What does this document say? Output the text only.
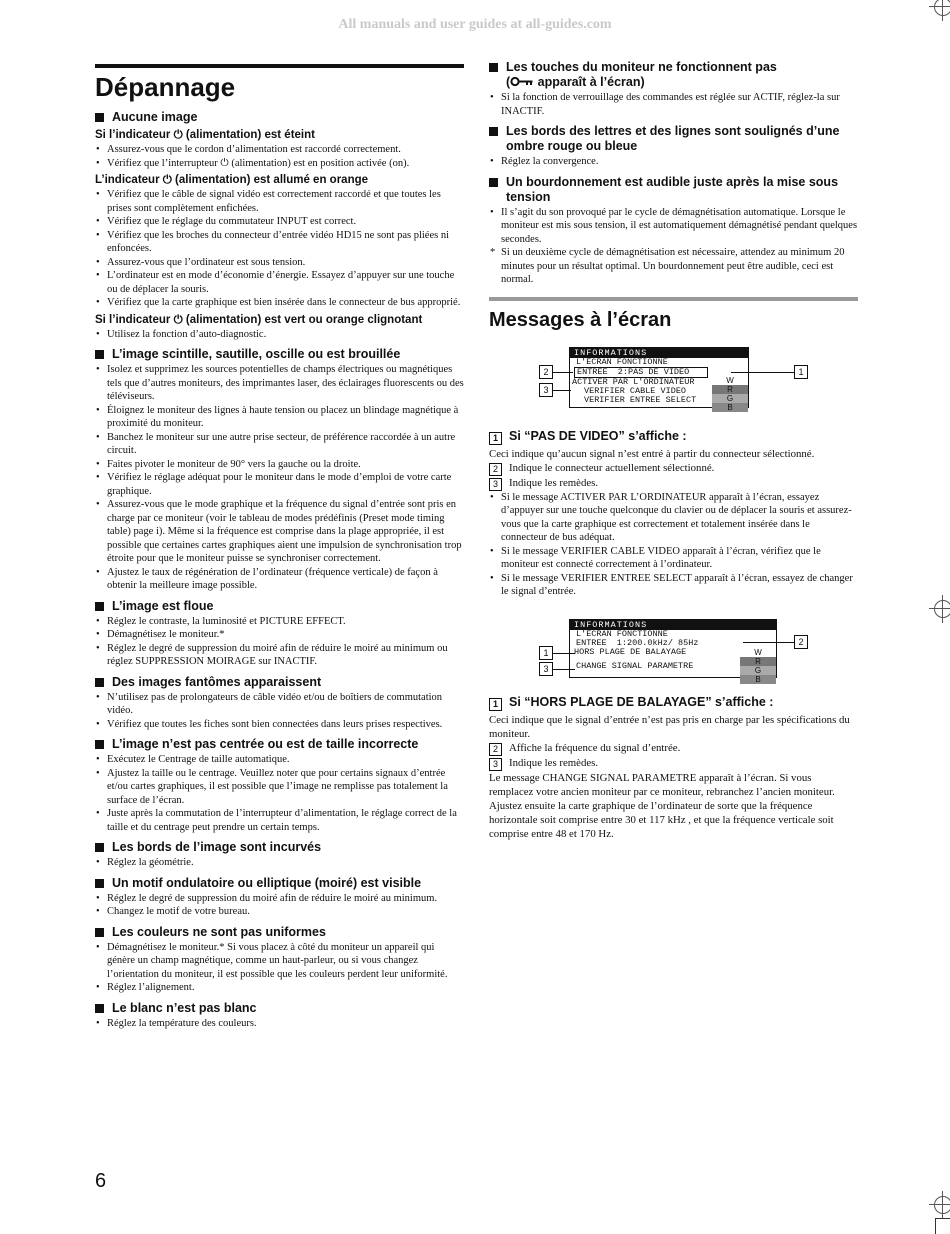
All manuals and user guides at all-guides.com
Dépannage
Aucune image
Si l’indicateur ⏻ (alimentation) est éteint
• Assurez-vous que le cordon d’alimentation est raccordé correctement.
• Vérifiez que l’interrupteur ⏻ (alimentation) est en position activée (on).
L’indicateur ⏻ (alimentation) est allumé en orange
• Vérifiez que le câble de signal vidéo est correctement raccordé et que toutes les prises sont complètement enfichées.
• Vérifiez que le réglage du commutateur INPUT est correct.
• Vérifiez que les broches du connecteur d’entrée vidéo HD15 ne sont pas pliées ni enfoncées.
• Assurez-vous que l’ordinateur est sous tension.
• L’ordinateur est en mode d’économie d’énergie. Essayez d’appuyer sur une touche ou de déplacer la souris.
• Vérifiez que la carte graphique est bien insérée dans le connecteur de bus approprié.
Si l’indicateur ⏻ (alimentation) est vert ou orange clignotant
• Utilisez la fonction d’auto-diagnostic.
L’image scintille, sautille, oscille ou est brouillée
• Isolez et supprimez les sources potentielles de champs électriques ou magnétiques tels que d’autres moniteurs, des imprimantes laser, des éclairages fluorescents ou des téléviseurs.
• Éloignez le moniteur des lignes à haute tension ou placez un blindage magnétique à proximité du moniteur.
• Banchez le moniteur sur une autre prise secteur, de préférence raccordée à un autre circuit.
• Faites pivoter le moniteur de 90° vers la gauche ou la droite.
• Vérifiez le réglage adéquat pour le moniteur dans le mode d’emploi de votre carte graphique.
• Assurez-vous que le mode graphique et la fréquence du signal d’entrée sont pris en charge par ce moniteur (voir le tableau de modes prédéfinis (Preset mode timing table) page i). Même si la fréquence est comprise dans la plage appropriée, il est possible que certaines cartes graphiques aient une impulsion de synchronisation trop étroite pour que le moniteur puisse se synchroniser correctement.
• Ajustez le taux de régénération de l’ordinateur (fréquence verticale) de façon à obtenir la meilleure image possible.
L’image est floue
• Réglez le contraste, la luminosité et PICTURE EFFECT.
• Démagnétisez le moniteur.*
• Réglez le degré de suppression du moiré afin de réduire le moiré au minimum ou réglez SUPPRESSION MOIRAGE sur INACTIF.
Des images fantômes apparaissent
• N’utilisez pas de prolongateurs de câble vidéo et/ou de boîtiers de commutation vidéo.
• Vérifiez que toutes les fiches sont bien connectées dans leurs prises respectives.
L’image n’est pas centrée ou est de taille incorrecte
• Exécutez le Centrage de taille automatique.
• Ajustez la taille ou le centrage. Veuillez noter que pour certains signaux d’entrée et/ou cartes graphiques, il est possible que l’image ne remplisse pas totalement la surface de l’écran.
• Juste après la commutation de l’interrupteur d’alimentation, le réglage correct de la taille et du centrage peut prendre un certain temps.
Les bords de l’image sont incurvés
• Réglez la géométrie.
Un motif ondulatoire ou elliptique (moiré) est visible
• Réglez le degré de suppression du moiré afin de réduire le moiré au minimum.
• Changez le motif de votre bureau.
Les couleurs ne sont pas uniformes
• Démagnétisez le moniteur.* Si vous placez à côté du moniteur un appareil qui génère un champ magnétique, comme un haut-parleur, ou si vous changez l’orientation du moniteur, il est possible que les couleurs perdent leur uniformité.
• Réglez l’alignement.
Le blanc n’est pas blanc
• Réglez la température des couleurs.
Les touches du moniteur ne fonctionnent pas
( apparaît à l’écran)
• Si la fonction de verrouillage des commandes est réglée sur ACTIF, réglez-la sur INACTIF.
Les bords des lettres et des lignes sont soulignés d’une ombre rouge ou bleue
• Réglez la convergence.
Un bourdonnement est audible juste après la mise sous tension
• Il s’agit du son provoqué par le cycle de démagnétisation automatique. Lorsque le moniteur est mis sous tension, il est automatiquement démagnétisé pendant quelques secondes.
* Si un deuxième cycle de démagnétisation est nécessaire, attendez au minimum 20 minutes pour un résultat optimal. Un bourdonnement peut être audible, ceci est normal.
Messages à l’écran
INFORMATIONS
L'ECRAN FONCTIONNE
ENTREE  2:PAS DE VIDEO
ACTIVER PAR L'ORDINATEUR
VERIFIER CABLE VIDEO
VERIFIER ENTREE SELECT
W
R
G
B
2	1
3
1 Si “PAS DE VIDEO” s’affiche :

Ceci indique qu’aucun signal n’est entré à partir du connecteur sélectionné.

2 Indique le connecteur actuellement sélectionné.
3 Indique les remèdes.
• Si le message ACTIVER PAR L’ORDINATEUR apparaît à l’écran, essayez d’appuyer sur une touche quelconque du clavier ou de déplacer la souris et assurez-vous que la carte graphique est correctement et totalement insérée dans le connecteur de bus adéquat.
• Si le message VERIFIER CABLE VIDEO apparaît à l’écran, vérifiez que le moniteur est connecté correctement à l’ordinateur.
• Si le message VERIFIER ENTREE SELECT apparaît à l’écran, essayez de changer le signal d’entrée.
INFORMATIONS
L'ECRAN FONCTIONNE
ENTREE  1:200.0kHz/ 85Hz
HORS PLAGE DE BALAYAGE
CHANGE SIGNAL PARAMETRE
W
R
G
B
1
2
3
1 Si “HORS PLAGE DE BALAYAGE” s’affiche :

Ceci indique que le signal d’entrée n’est pas pris en charge par les spécifications du moniteur.

2 Affiche la fréquence du signal d’entrée.
3 Indique les remèdes.

Le message CHANGE SIGNAL PARAMETRE apparaît à l’écran. Si vous remplacez votre ancien moniteur par ce moniteur, rebranchez l’ancien moniteur. Ajustez ensuite la carte graphique de l’ordinateur de sorte que la fréquence horizontale soit comprise entre 30 et 117 kHz , et que la fréquence verticale soit comprise entre 48 et 170 Hz.

6
